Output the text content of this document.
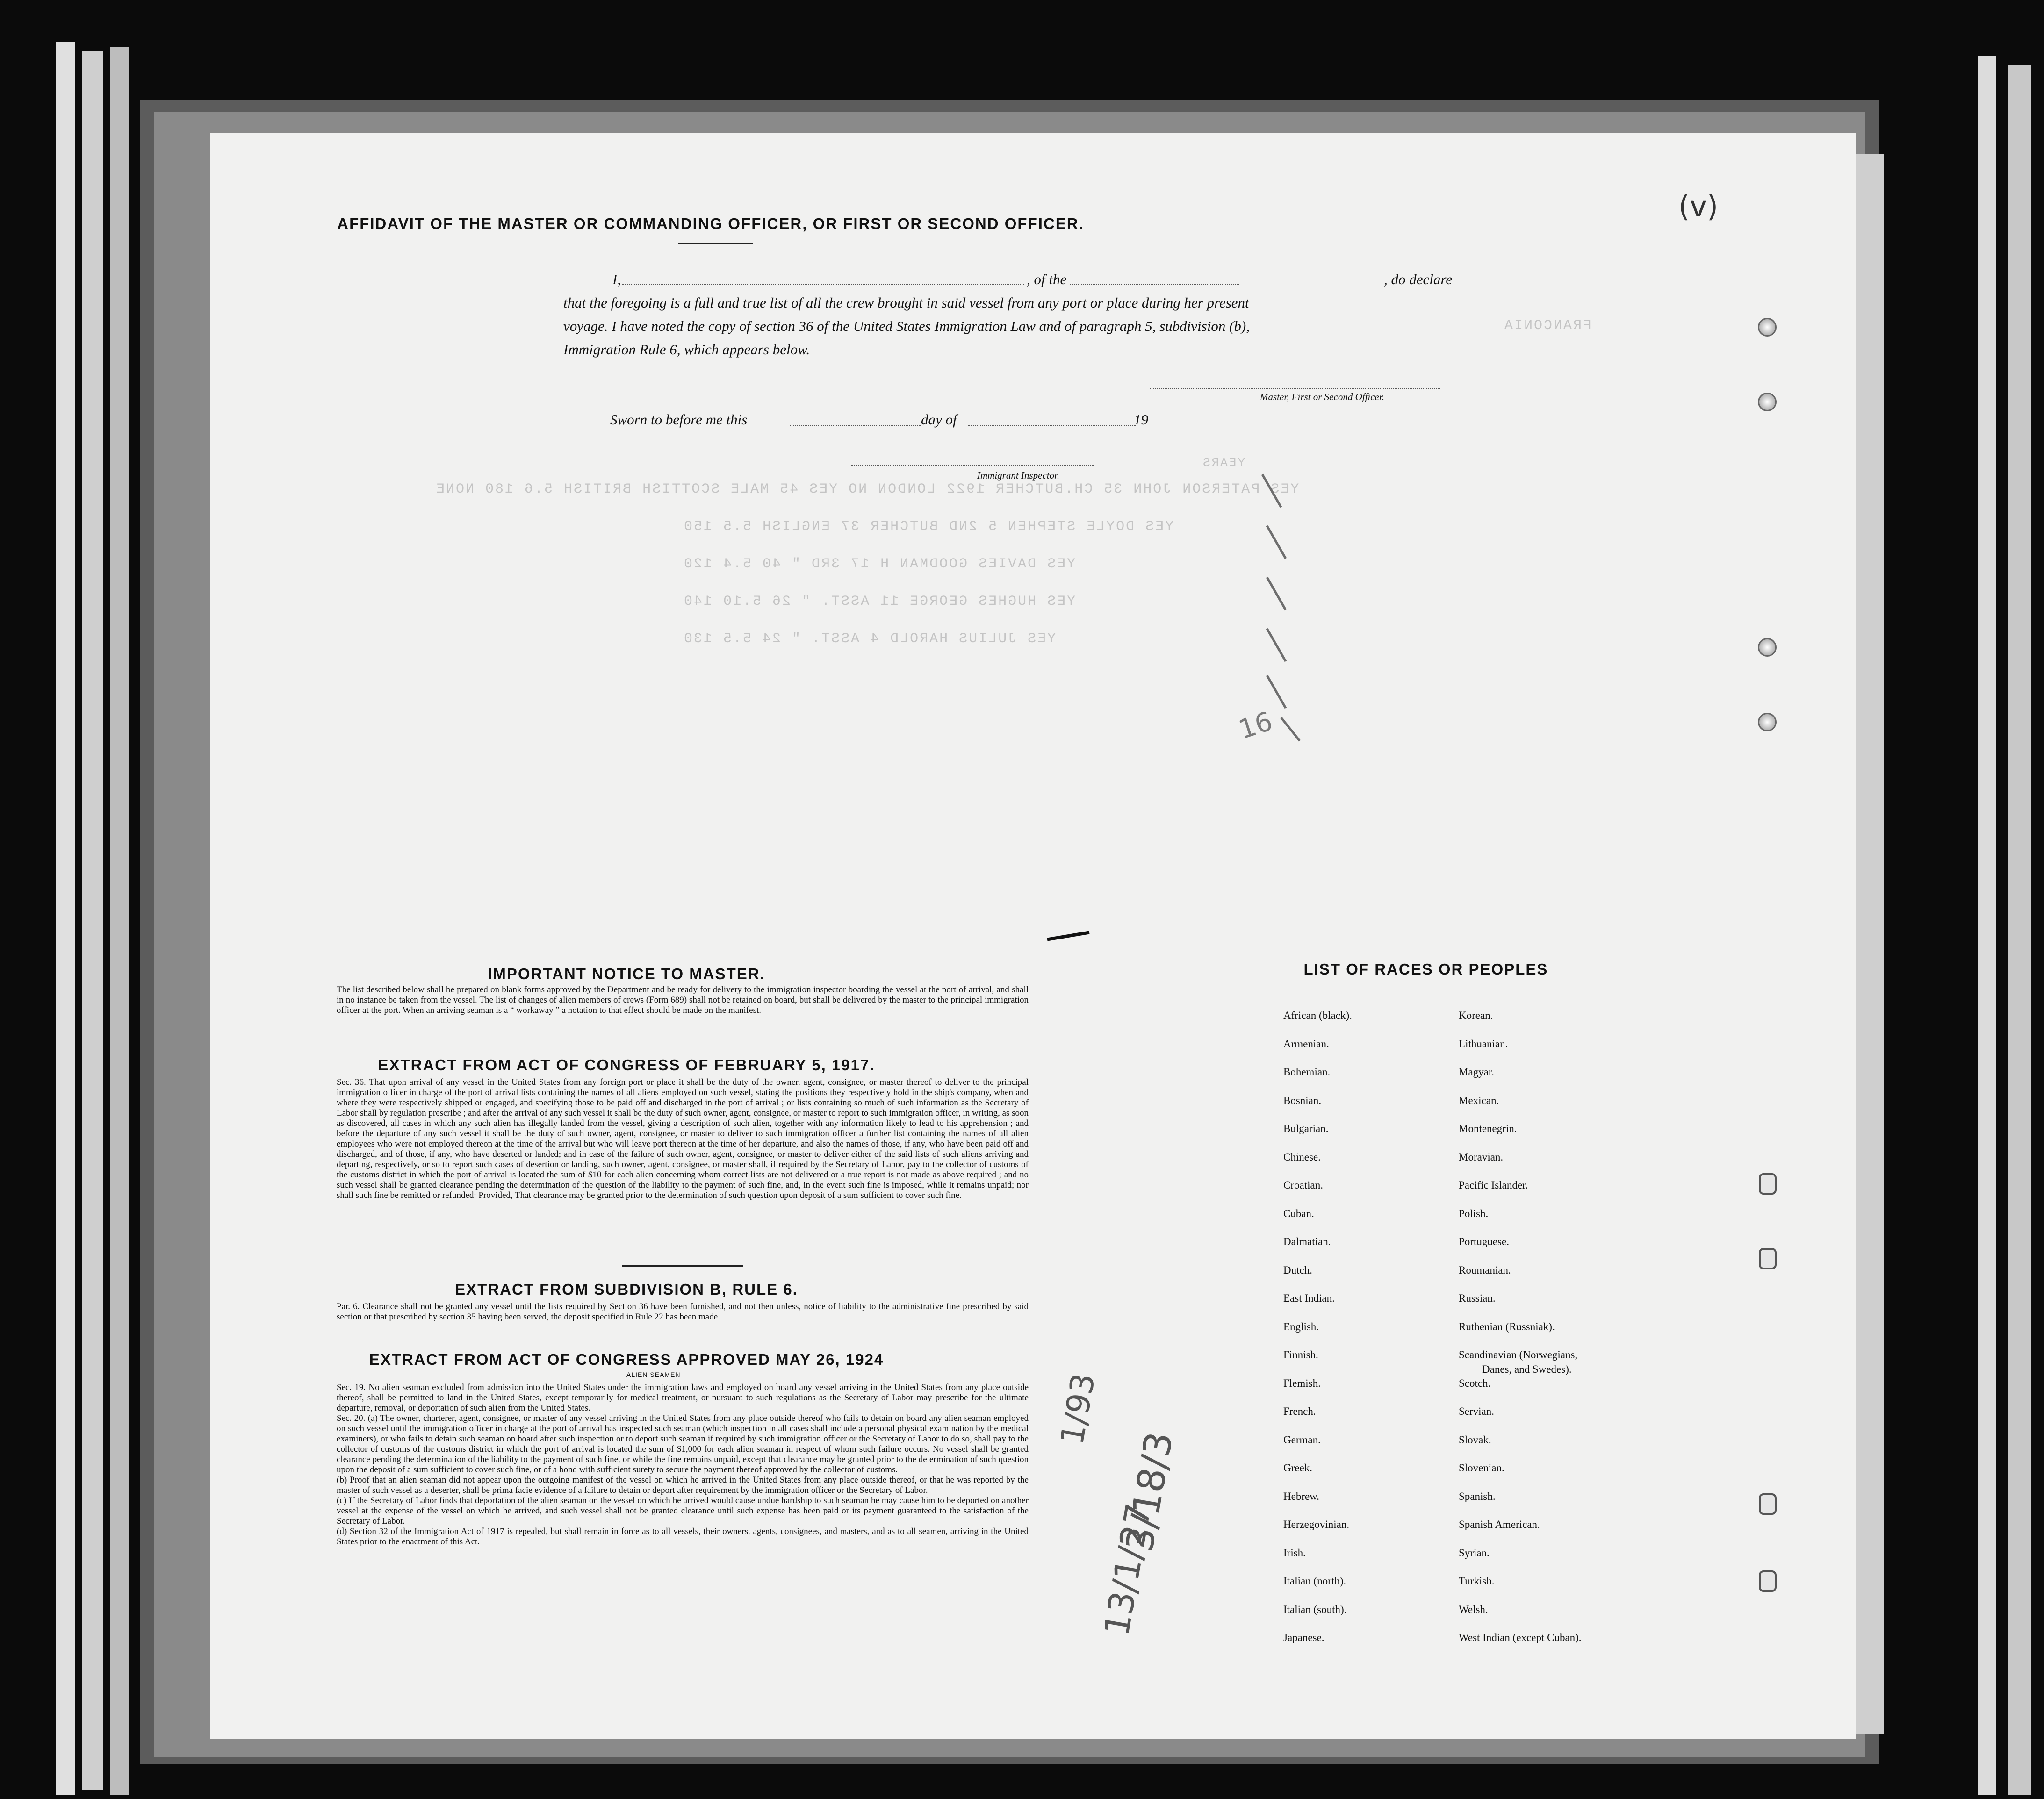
FRANCONIA
YEARS
YES PATERSON JOHN 35 CH.BUTCHER 1922 LONDON NO YES 45 MALE SCOTTISH BRITISH 5.6 180 NONE
YES DOYLE STEPHEN 5 2ND BUTCHER 37 ENGLISH 5.5 150
YES DAVIES GOODMAN H 17 3RD " 40 5.4 120
YES HUGHES GEORGE 11 ASST. " 26 5.10 140
YES JULIUS HAROLD 4 ASST. " 24 5.5 130
(v)
16
13/1/27
3/18/3
1/93
AFFIDAVIT OF THE MASTER OR COMMANDING OFFICER, OR FIRST OR SECOND OFFICER.
I,	, of the	, do declare
that the foregoing is a full and true list of all the crew brought in said vessel from any port or place during her present
voyage. I have noted the copy of section 36 of the United States Immigration Law and of paragraph 5, subdivision (b),
Immigration Rule 6, which appears below.
Master, First or Second Officer.
Sworn to before me this	day of	19
Immigrant Inspector.
IMPORTANT NOTICE TO MASTER.

The list described below shall be prepared on blank forms approved by the Department and be ready for delivery to the immigration inspector boarding the vessel at the port of arrival, and shall in no instance be taken from the vessel. The list of changes of alien members of crews (Form 689) shall not be retained on board, but shall be delivered by the master to the principal immigration officer at the port. When an arriving seaman is a “ workaway ” a notation to that effect should be made on the manifest.

EXTRACT FROM ACT OF CONGRESS OF FEBRUARY 5, 1917.

Sec. 36. That upon arrival of any vessel in the United States from any foreign port or place it shall be the duty of the owner, agent, consignee, or master thereof to deliver to the principal immigration officer in charge of the port of arrival lists containing the names of all aliens employed on such vessel, stating the positions they respectively hold in the ship's company, when and where they were respectively shipped or engaged, and specifying those to be paid off and discharged in the port of arrival ; or lists containing so much of such information as the Secretary of Labor shall by regulation prescribe ; and after the arrival of any such vessel it shall be the duty of such owner, agent, consignee, or master to report to such immigration officer, in writing, as soon as discovered, all cases in which any such alien has illegally landed from the vessel, giving a description of such alien, together with any information likely to lead to his apprehension ; and before the departure of any such vessel it shall be the duty of such owner, agent, consignee, or master to deliver to such immigration officer a further list containing the names of all alien employees who were not employed thereon at the time of the arrival but who will leave port thereon at the time of her departure, and also the names of those, if any, who have been paid off and discharged, and of those, if any, who have deserted or landed; and in case of the failure of such owner, agent, consignee, or master to deliver either of the said lists of such aliens arriving and departing, respectively, or so to report such cases of desertion or landing, such owner, agent, consignee, or master shall, if required by the Secretary of Labor, pay to the collector of customs of the customs district in which the port of arrival is located the sum of $10 for each alien concerning whom correct lists are not delivered or a true report is not made as above required ; and no such vessel shall be granted clearance pending the determination of the question of the liability to the payment of such fine, and, in the event such fine is imposed, while it remains unpaid; nor shall such fine be remitted or refunded: Provided, That clearance may be granted prior to the determination of such question upon deposit of a sum sufficient to cover such fine.

EXTRACT FROM SUBDIVISION B, RULE 6.

Par. 6. Clearance shall not be granted any vessel until the lists required by Section 36 have been furnished, and not then unless, notice of liability to the administrative fine prescribed by said section or that prescribed by section 35 having been served, the deposit specified in Rule 22 has been made.

EXTRACT FROM ACT OF CONGRESS APPROVED MAY 26, 1924
ALIEN SEAMEN

Sec. 19. No alien seaman excluded from admission into the United States under the immigration laws and employed on board any vessel arriving in the United States from any place outside thereof, shall be permitted to land in the United States, except temporarily for medical treatment, or pursuant to such regulations as the Secretary of Labor may prescribe for the ultimate departure, removal, or deportation of such alien from the United States.

Sec. 20. (a) The owner, charterer, agent, consignee, or master of any vessel arriving in the United States from any place outside thereof who fails to detain on board any alien seaman employed on such vessel until the immigration officer in charge at the port of arrival has inspected such seaman (which inspection in all cases shall include a personal physical examination by the medical examiners), or who fails to detain such seaman on board after such inspection or to deport such seaman if required by such immigration officer or the Secretary of Labor to do so, shall pay to the collector of customs of the customs district in which the port of arrival is located the sum of $1,000 for each alien seaman in respect of whom such failure occurs. No vessel shall be granted clearance pending the determination of the liability to the payment of such fine, or while the fine remains unpaid, except that clearance may be granted prior to the determination of such question upon the deposit of a sum sufficient to cover such fine, or of a bond with sufficient surety to secure the payment thereof approved by the collector of customs.

(b) Proof that an alien seaman did not appear upon the outgoing manifest of the vessel on which he arrived in the United States from any place outside thereof, or that he was reported by the master of such vessel as a deserter, shall be prima facie evidence of a failure to detain or deport after requirement by the immigration officer or the Secretary of Labor.

(c) If the Secretary of Labor finds that deportation of the alien seaman on the vessel on which he arrived would cause undue hardship to such seaman he may cause him to be deported on another vessel at the expense of the vessel on which he arrived, and such vessel shall not be granted clearance until such expense has been paid or its payment guaranteed to the satisfaction of the Secretary of Labor.

(d) Section 32 of the Immigration Act of 1917 is repealed, but shall remain in force as to all vessels, their owners, agents, consignees, and masters, and as to all seamen, arriving in the United States prior to the enactment of this Act.

LIST OF RACES OR PEOPLES
African (black).
Armenian.
Bohemian.
Bosnian.
Bulgarian.
Chinese.
Croatian.
Cuban.
Dalmatian.
Dutch.
East Indian.
English.
Finnish.
Flemish.
French.
German.
Greek.
Hebrew.
Herzegovinian.
Irish.
Italian (north).
Italian (south).
Japanese.
Korean.
Lithuanian.
Magyar.
Mexican.
Montenegrin.
Moravian.
Pacific Islander.
Polish.
Portuguese.
Roumanian.
Russian.
Ruthenian (Russniak).
Scandinavian (Norwegians,
Scotch.
Servian.
Slovak.
Slovenian.
Spanish.
Spanish American.
Syrian.
Turkish.
Welsh.
West Indian (except Cuban).
Danes, and Swedes).
